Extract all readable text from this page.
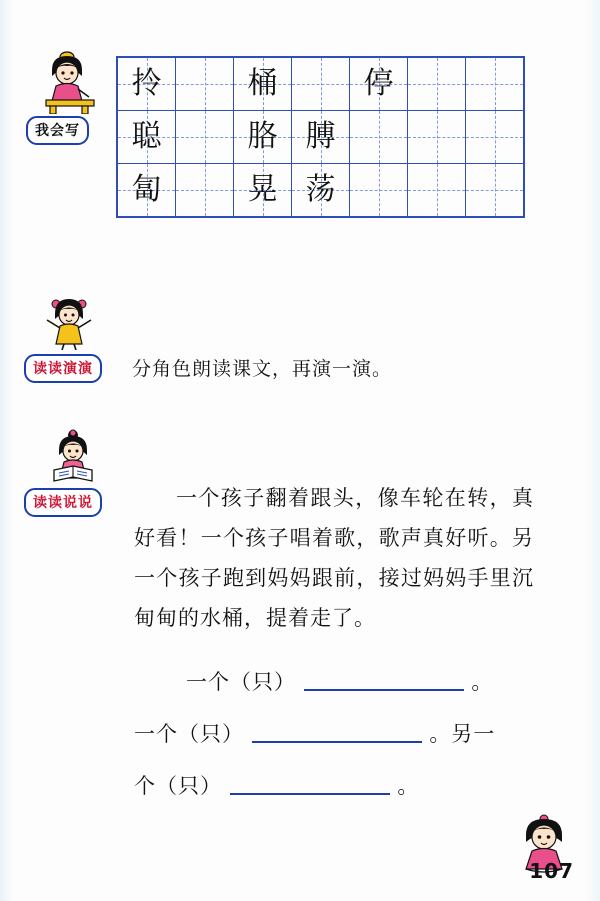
我会写
拎		桶		停		

聪		胳	膊			

匐		晃	荡			

读读演演	分角色朗读课文，再演一演。
读读说说	一个孩子翻着跟头，像车轮在转，真好看！一个孩子唱着歌，歌声真好听。另一个孩子跑到妈妈跟前，接过妈妈手里沉甸甸的水桶，提着走了。
一个（只）	。
一个（只）	。另一
个（只）	。
107
